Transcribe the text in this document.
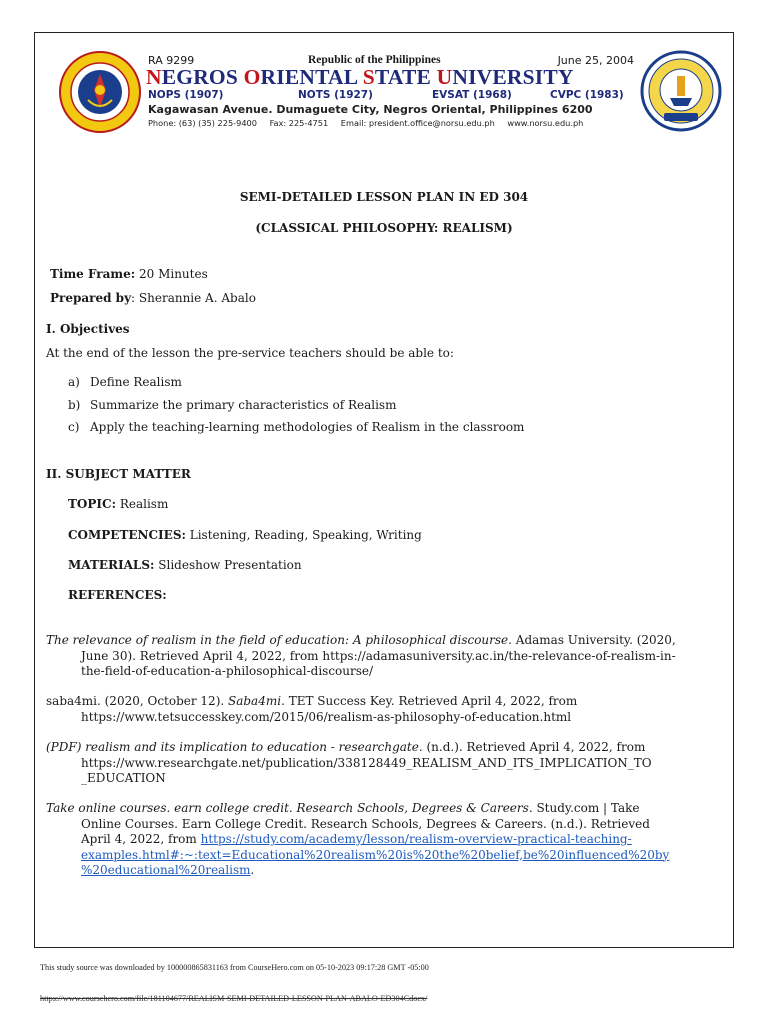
RA 9299	Republic of the Philippines	June 25, 2004
NEGROS ORIENTAL STATE UNIVERSITY
NOPS (1907)	NOTS (1927)	EVSAT (1968)	CVPC (1983)
Kagawasan Avenue. Dumaguete City, Negros Oriental, Philippines 6200
Phone: (63) (35) 225-9400 Fax: 225-4751 Email: president.office@norsu.edu.ph www.norsu.edu.ph
SEMI-DETAILED LESSON PLAN IN ED 304
(CLASSICAL PHILOSOPHY: REALISM)
Time Frame: 20 Minutes
Prepared by: Sherannie A. Abalo
I. Objectives
At the end of the lesson the pre-service teachers should be able to:
a) Define Realism
b) Summarize the primary characteristics of Realism
c) Apply the teaching-learning methodologies of Realism in the classroom
II. SUBJECT MATTER
TOPIC: Realism
COMPETENCIES: Listening, Reading, Speaking, Writing
MATERIALS: Slideshow Presentation
REFERENCES:
The relevance of realism in the field of education: A philosophical discourse. Adamas University. (2020,
June 30). Retrieved April 4, 2022, from https://adamasuniversity.ac.in/the-relevance-of-realism-in-
the-field-of-education-a-philosophical-discourse/
saba4mi. (2020, October 12). Saba4mi. TET Success Key. Retrieved April 4, 2022, from
https://www.tetsuccesskey.com/2015/06/realism-as-philosophy-of-education.html
(PDF) realism and its implication to education - researchgate. (n.d.). Retrieved April 4, 2022, from
https://www.researchgate.net/publication/338128449_REALISM_AND_ITS_IMPLICATION_TO
_EDUCATION
Take online courses. earn college credit. Research Schools, Degrees & Careers. Study.com | Take
Online Courses. Earn College Credit. Research Schools, Degrees & Careers. (n.d.). Retrieved
April 4, 2022, from https://study.com/academy/lesson/realism-overview-practical-teaching-
examples.html#:~:text=Educational%20realism%20is%20the%20belief,be%20influenced%20by
%20educational%20realism.
This study source was downloaded by 100000865831163 from CourseHero.com on 05-10-2023 09:17:28 GMT -05:00
https://www.coursehero.com/file/181104677/REALISM-SEMI-DETAILED-LESSON-PLAN-ABALO-ED304Cdocx/
